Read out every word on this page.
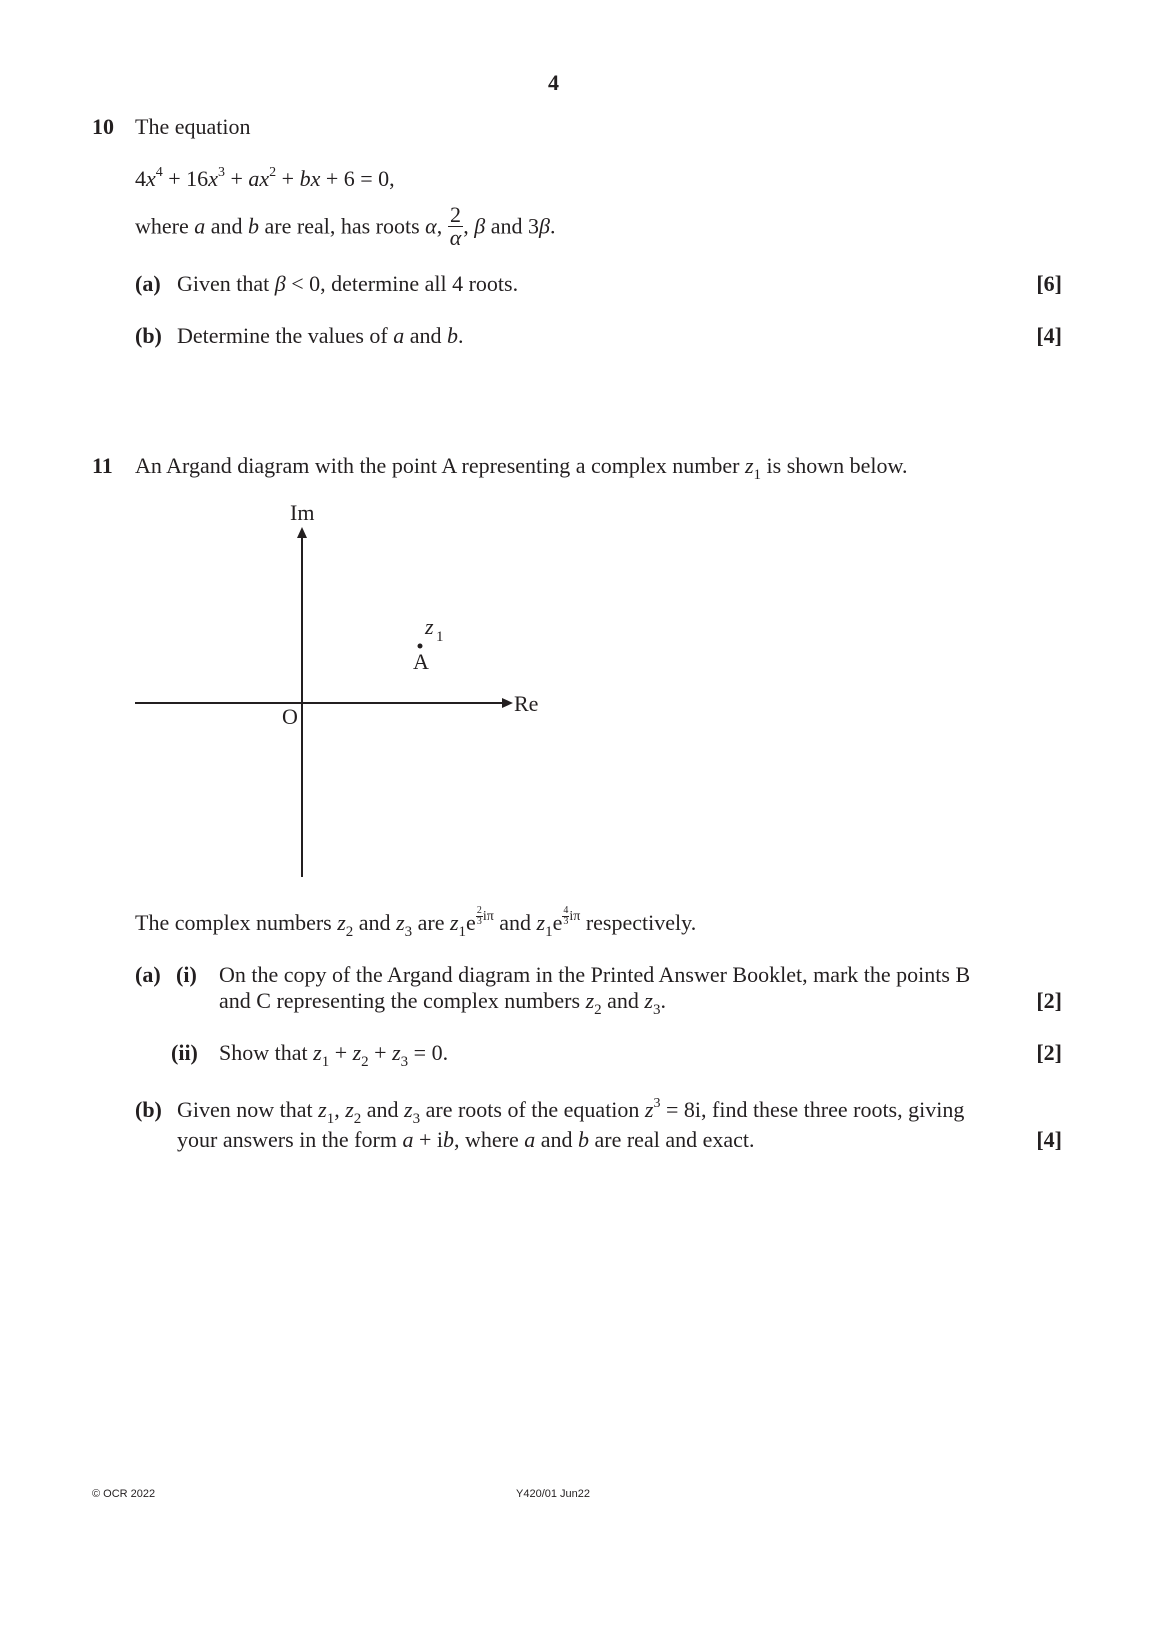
4
10 The equation
$4x^4 + 16x^3 + ax^2$ + bx + 6 = 0,
where a and b are real, has roots α, $\frac{2}{\alpha}$ , β and 3β.
(a) Given that β < 0, determine all 4 roots.	[6]
(b) Determine the values of a and b.	[4]
11 An Argand diagram with the point A representing a complex number $z_1$ is shown below.
Im
Re
O
A
z 1
The complex numbers $z_2$ and $z_3$ are $z_1e \frac{2}{3} ^{i\pi}$ and $z_1e \frac{4}{3} ^{i\pi}$ respectively.
(a) (i) On the copy of the Argand diagram in the Printed Answer Booklet, mark the points B
and C representing the complex numbers $z_2$ and $z_3$.	[2]
(ii) Show that $z_1 + z_2 + z_3 = 0$.	[2]
(b) Given now that $z_1$, $z_2$ and $z_3$ are roots of the equation $z^3 = 8i$, find these three roots, giving
your answers in the form a + ib, where a and b are real and exact.	[4]
© OCR 2022	Y420/01 Jun22
